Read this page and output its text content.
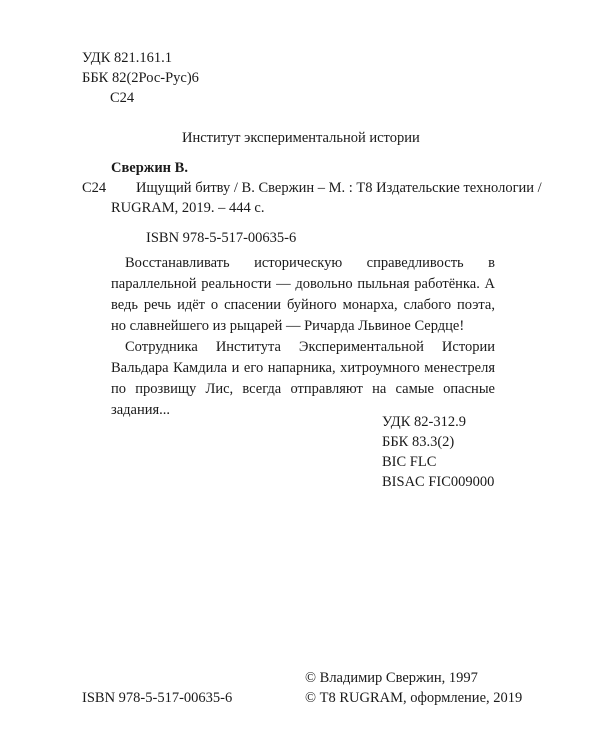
УДК 821.161.1

ББК 82(2Рос-Рус)6

С24

Институт экспериментальной истории

Свержин В.

С24 Ищущий битву / В. Свержин – М. : Т8 Издательские технологии /

RUGRAM, 2019. – 444 с.

ISBN 978-5-517-00635-6

Восстанавливать историческую справедливость в параллельной реальности — довольно пыльная работёнка. А ведь речь идёт о спасении буйного монарха, слабого поэта, но славнейшего из рыцарей — Ричарда Львиное Сердце!

Сотрудника Института Экспериментальной Истории Вальдара Камдила и его напарника, хитроумного менестреля по прозвищу Лис, всегда отправляют на самые опасные задания...

УДК 82-312.9

ББК 83.3(2)

BIC FLC

BISAC FIC009000

ISBN 978-5-517-00635-6

© Владимир Свержин, 1997

© Т8 RUGRAM, оформление, 2019
